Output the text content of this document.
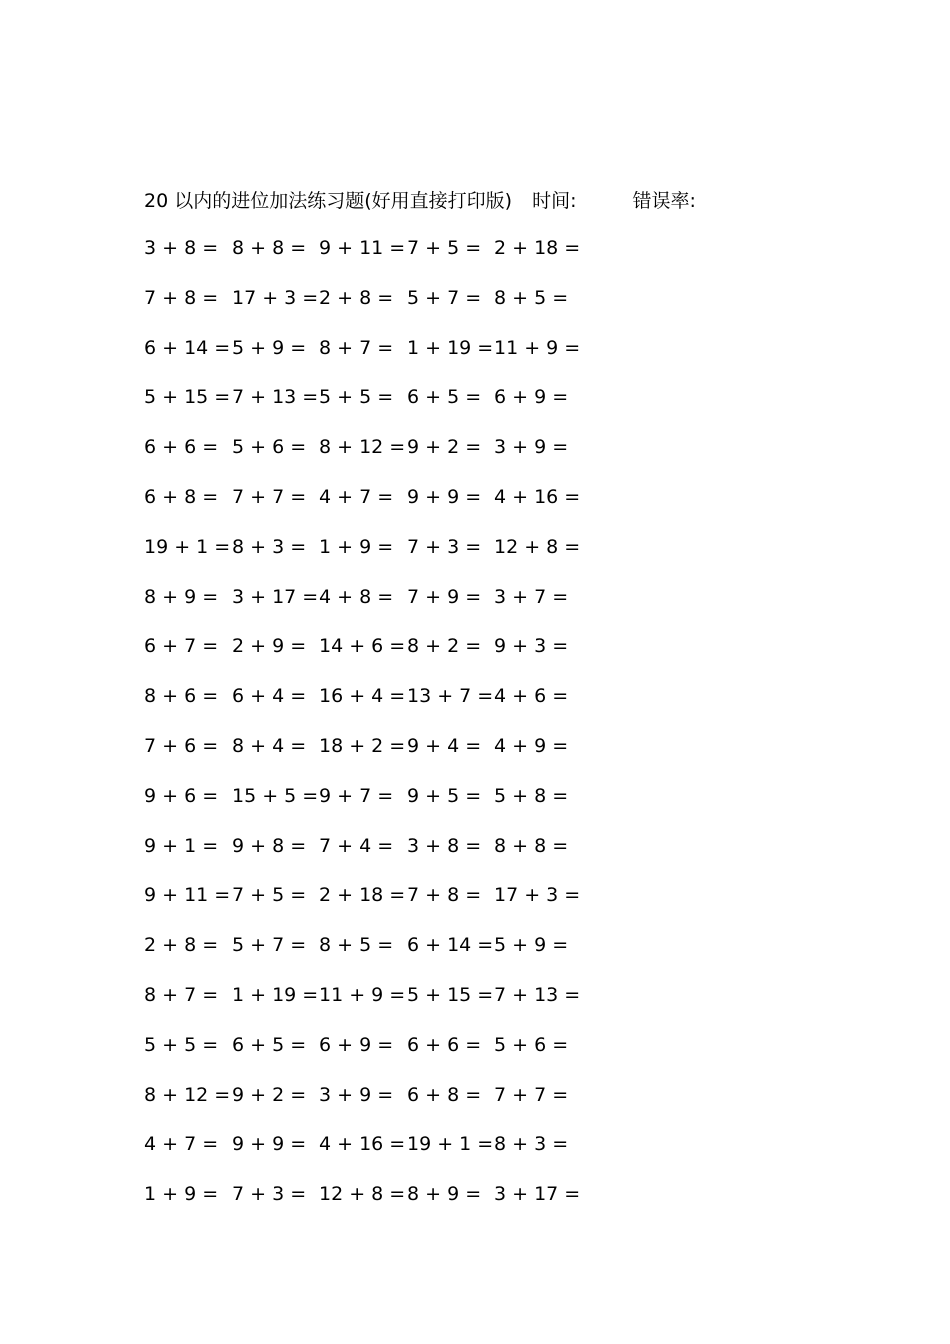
20 以内的进位加法练习题(好用直接打印版) 时间:	错误率:
3 + 8 = 8 + 8 = 9 + 11 = 7 + 5 = 2 + 18 =
7 + 8 = 17 + 3 = 2 + 8 = 5 + 7 = 8 + 5 =
6 + 14 = 5 + 9 = 8 + 7 = 1 + 19 = 11 + 9 =
5 + 15 = 7 + 13 = 5 + 5 = 6 + 5 = 6 + 9 =
6 + 6 = 5 + 6 = 8 + 12 = 9 + 2 = 3 + 9 =
6 + 8 = 7 + 7 = 4 + 7 = 9 + 9 = 4 + 16 =
19 + 1 = 8 + 3 = 1 + 9 = 7 + 3 = 12 + 8 =
8 + 9 = 3 + 17 = 4 + 8 = 7 + 9 = 3 + 7 =
6 + 7 = 2 + 9 = 14 + 6 = 8 + 2 = 9 + 3 =
8 + 6 = 6 + 4 = 16 + 4 = 13 + 7 = 4 + 6 =
7 + 6 = 8 + 4 = 18 + 2 = 9 + 4 = 4 + 9 =
9 + 6 = 15 + 5 = 9 + 7 = 9 + 5 = 5 + 8 =
9 + 1 = 9 + 8 = 7 + 4 = 3 + 8 = 8 + 8 =
9 + 11 = 7 + 5 = 2 + 18 = 7 + 8 = 17 + 3 =
2 + 8 = 5 + 7 = 8 + 5 = 6 + 14 = 5 + 9 =
8 + 7 = 1 + 19 = 11 + 9 = 5 + 15 = 7 + 13 =
5 + 5 = 6 + 5 = 6 + 9 = 6 + 6 = 5 + 6 =
8 + 12 = 9 + 2 = 3 + 9 = 6 + 8 = 7 + 7 =
4 + 7 = 9 + 9 = 4 + 16 = 19 + 1 = 8 + 3 =
1 + 9 = 7 + 3 = 12 + 8 = 8 + 9 = 3 + 17 =
